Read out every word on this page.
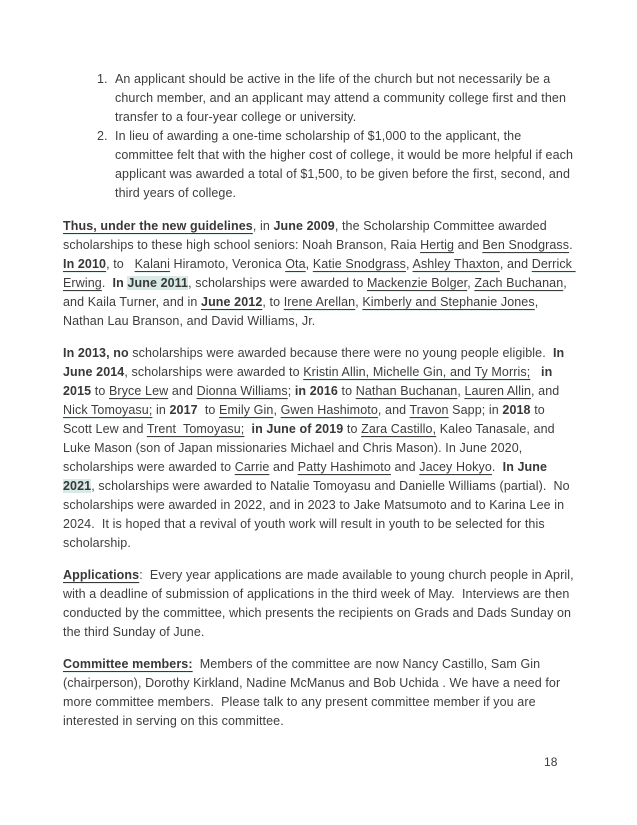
1. An applicant should be active in the life of the church but not necessarily be a church member, and an applicant may attend a community college first and then transfer to a four-year college or university.
2. In lieu of awarding a one-time scholarship of $1,000 to the applicant, the committee felt that with the higher cost of college, it would be more helpful if each applicant was awarded a total of $1,500, to be given before the first, second, and third years of college.

Thus, under the new guidelines, in June 2009, the Scholarship Committee awarded scholarships to these high school seniors: Noah Branson, Raia Hertig and Ben Snodgrass.  In 2010, to   Kalani Hiramoto, Veronica Ota, Katie Snodgrass, Ashley Thaxton, and Derrick Erwing.  In June 2011, scholarships were awarded to Mackenzie Bolger, Zach Buchanan, and Kaila Turner, and in June 2012, to Irene Arellan, Kimberly and Stephanie Jones, Nathan Lau Branson, and David Williams, Jr.

In 2013, no scholarships were awarded because there were no young people eligible.  In June 2014, scholarships were awarded to Kristin Allin, Michelle Gin, and Ty Morris; in 2015 to Bryce Lew and Dionna Williams; in 2016 to Nathan Buchanan, Lauren Allin, and Nick Tomoyasu; in 2017  to Emily Gin, Gwen Hashimoto, and Travon Sapp; in 2018 to Scott Lew and Trent  Tomoyasu; in June of 2019 to Zara Castillo, Kaleo Tanasale, and Luke Mason (son of Japan missionaries Michael and Chris Mason). In June 2020, scholarships were awarded to Carrie and Patty Hashimoto and Jacey Hokyo.  In June 2021, scholarships were awarded to Natalie Tomoyasu and Danielle Williams (partial).  No scholarships were awarded in 2022, and in 2023 to Jake Matsumoto and to Karina Lee in 2024.  It is hoped that a revival of youth work will result in youth to be selected for this scholarship.

Applications:  Every year applications are made available to young church people in April, with a deadline of submission of applications in the third week of May.  Interviews are then conducted by the committee, which presents the recipients on Grads and Dads Sunday on the third Sunday of June.

Committee members:  Members of the committee are now Nancy Castillo, Sam Gin (chairperson), Dorothy Kirkland, Nadine McManus and Bob Uchida . We have a need for more committee members.  Please talk to any present committee member if you are interested in serving on this committee.

18
